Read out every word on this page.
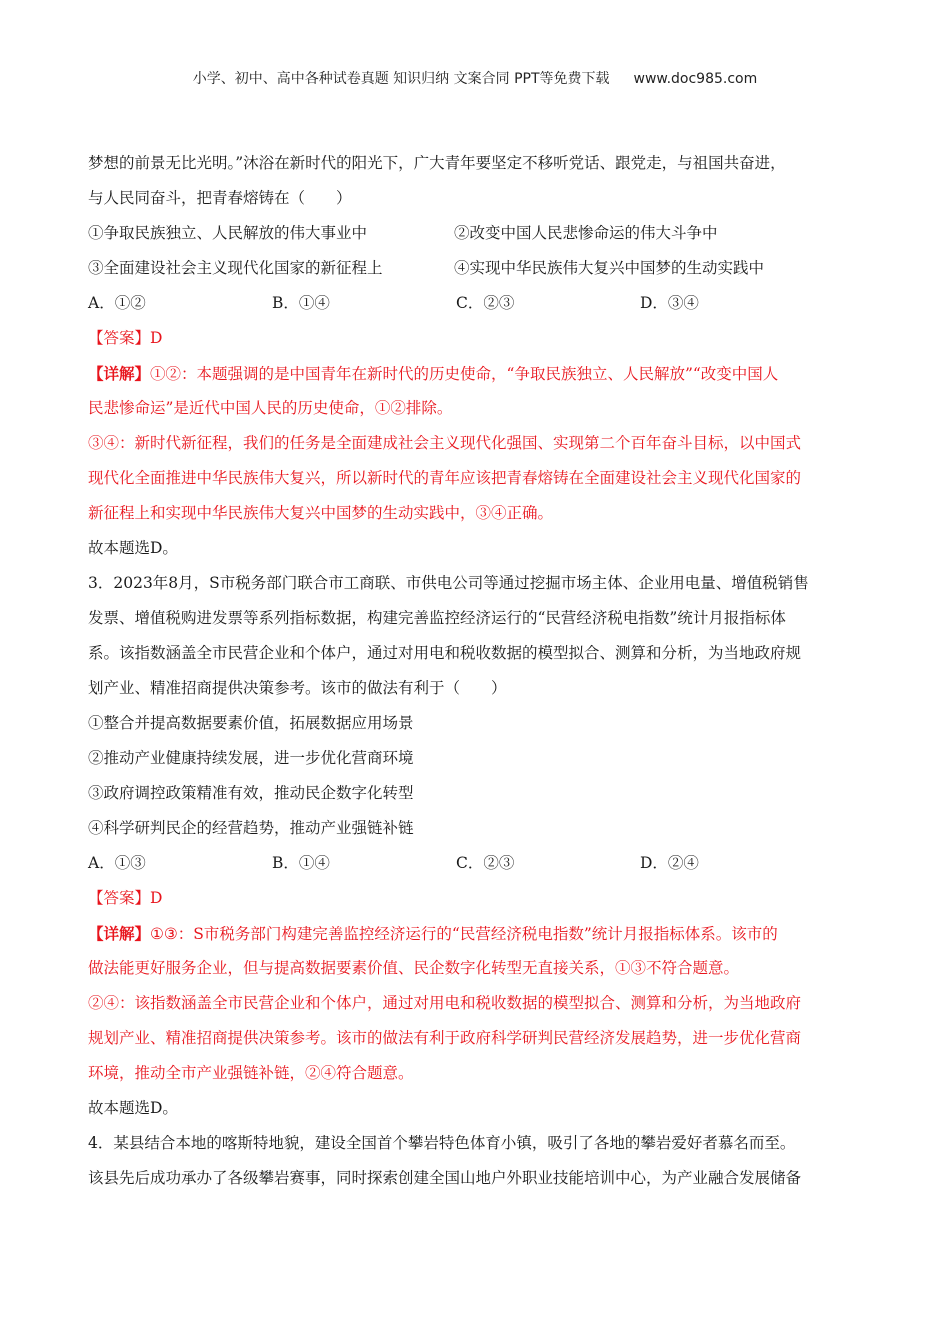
小学、初中、高中各种试卷真题 知识归纳 文案合同 PPT等免费下载 www.doc985.com
梦想的前景无比光明。”沐浴在新时代的阳光下，广大青年要坚定不移听党话、跟党走，与祖国共奋进，
与人民同奋斗，把青春熔铸在（　　）
①争取民族独立、人民解放的伟大事业中	②改变中国人民悲惨命运的伟大斗争中
③全面建设社会主义现代化国家的新征程上	④实现中华民族伟大复兴中国梦的生动实践中
A．①②	B．①④	C．②③	D．③④
【答案】D
【详解】①②：本题强调的是中国青年在新时代的历史使命，“争取民族独立、人民解放”“改变中国人
民悲惨命运”是近代中国人民的历史使命，①②排除。
③④：新时代新征程，我们的任务是全面建成社会主义现代化强国、实现第二个百年奋斗目标，以中国式
现代化全面推进中华民族伟大复兴，所以新时代的青年应该把青春熔铸在全面建设社会主义现代化国家的
新征程上和实现中华民族伟大复兴中国梦的生动实践中，③④正确。
故本题选D。
3．2023年8月，S市税务部门联合市工商联、市供电公司等通过挖掘市场主体、企业用电量、增值税销售
发票、增值税购进发票等系列指标数据，构建完善监控经济运行的“民营经济税电指数”统计月报指标体
系。该指数涵盖全市民营企业和个体户，通过对用电和税收数据的模型拟合、测算和分析，为当地政府规
划产业、精准招商提供决策参考。该市的做法有利于（　　）
①整合并提高数据要素价值，拓展数据应用场景
②推动产业健康持续发展，进一步优化营商环境
③政府调控政策精准有效，推动民企数字化转型
④科学研判民企的经营趋势，推动产业强链补链
A．①③	B．①④	C．②③	D．②④
【答案】D
【详解】①③：S市税务部门构建完善监控经济运行的“民营经济税电指数”统计月报指标体系。该市的
做法能更好服务企业，但与提高数据要素价值、民企数字化转型无直接关系，①③不符合题意。
②④：该指数涵盖全市民营企业和个体户，通过对用电和税收数据的模型拟合、测算和分析，为当地政府
规划产业、精准招商提供决策参考。该市的做法有利于政府科学研判民营经济发展趋势，进一步优化营商
环境，推动全市产业强链补链，②④符合题意。
故本题选D。
4．某县结合本地的喀斯特地貌，建设全国首个攀岩特色体育小镇，吸引了各地的攀岩爱好者慕名而至。
该县先后成功承办了各级攀岩赛事，同时探索创建全国山地户外职业技能培训中心，为产业融合发展储备
